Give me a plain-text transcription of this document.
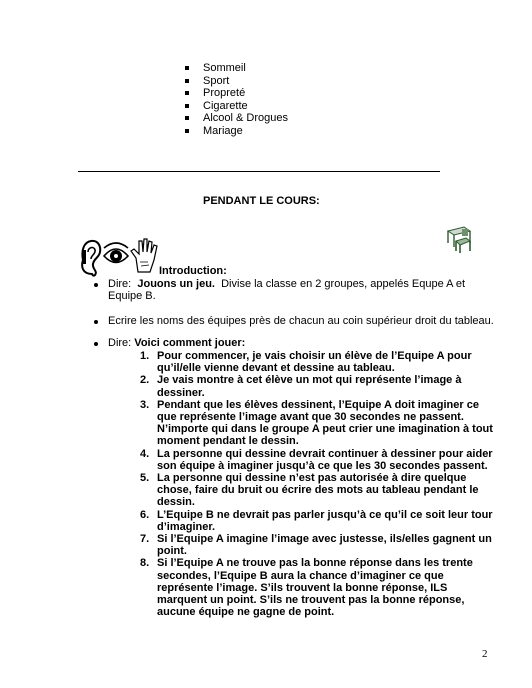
Sommeil
Sport
Propreté
Cigarette
Alcool & Drogues
Mariage
PENDANT LE COURS:
Introduction:
Dire: Jouons un jeu. Divise la classe en 2 groupes, appelés Equpe A et Equipe B.
Ecrire les noms des équipes près de chacun au coin supérieur droit du tableau.
Dire: Voici comment jouer:
1. Pour commencer, je vais choisir un élève de l’Equipe A pour qu’il/elle vienne devant et dessine au tableau.
2. Je vais montre à cet élève un mot qui représente l’image à dessiner.
3. Pendant que les élèves dessinent, l’Equipe A doit imaginer ce que représente l’image avant que 30 secondes ne passent. N’importe qui dans le groupe A peut crier une imagination à tout moment pendant le dessin.
4. La personne qui dessine devrait continuer à dessiner pour aider son équipe à imaginer jusqu’à ce que les 30 secondes passent.
5. La personne qui dessine n’est pas autorisée à dire quelque chose, faire du bruit ou écrire des mots au tableau pendant le dessin.
6. L’Equipe B ne devrait pas parler jusqu’à ce qu’il ce soit leur tour d’imaginer.
7. Si l’Equipe A imagine l’image avec justesse, ils/elles gagnent un point.
8. Si l’Equipe A ne trouve pas la bonne réponse dans les trente secondes, l’Equipe B aura la chance d’imaginer ce que représente l’image. S’ils trouvent la bonne réponse, ILS marquent un point. S’ils ne trouvent pas la bonne réponse, aucune équipe ne gagne de point.
2
